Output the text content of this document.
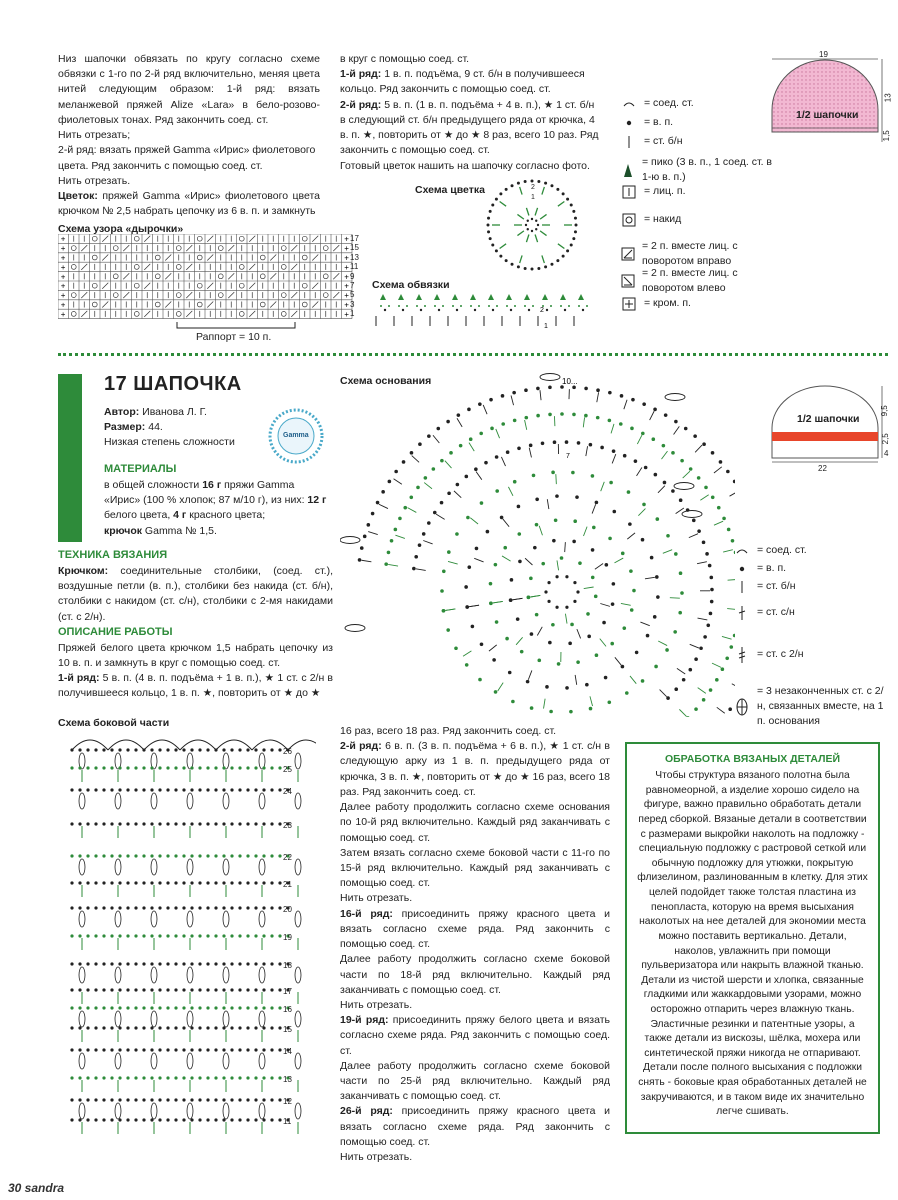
Низ шапочки обвязать по кругу согласно схеме обвязки с 1-го по 2-й ряд включительно, меняя цвета нитей следующим образом: 1-й ряд: вязать меланжевой пряжей Alize «Lara» в бело-розово-фиолетовых тонах. Ряд закончить соед. ст.

Нить отрезать;

2-й ряд: вязать пряжей Gamma «Ирис» фиолетового цвета. Ряд закончить с помощью соед. ст.

Нить отрезать.

Цветок: пряжей Gamma «Ирис» фиолетового цвета крючком № 2,5 набрать цепочку из 6 в. п. и замкнуть

в круг с помощью соед. ст.

1-й ряд: 1 в. п. подъёма, 9 ст. б/н в получившееся кольцо. Ряд закончить с помощью соед. ст.

2-й ряд: 5 в. п. (1 в. п. подъёма + 4 в. п.), ★ 1 ст. б/н в следующий ст. б/н предыдущего ряда от крючка, 4 в. п. ★, повторить от ★ до ★ 8 раз, всего 10 раз. Ряд закончить с помощью соед. ст.

Готовый цветок нашить на шапочку согласно фото.

Схема цветка	2
1
Схема обвязки
2
1
Схема узора «дырочки»
+	+
+	+
+	+
+	+
+	+
+	+
+	+
+	+
+	+
17
15
13
11
9
7
5
3
1
Раппорт = 10 п.
= соед. ст.
= в. п.
= ст. б/н
= пико (3 в. п., 1 соед. ст. в 1-ю в. п.)
= лиц. п.
= накид
= 2 п. вместе лиц. с поворотом вправо
= 2 п. вместе лиц. с поворотом влево
= кром. п.
1/2 шапочки
19
13
1,5
17 ШАПОЧКА

Автор: Иванова Л. Г.

Размер: 44.

Низкая степень сложности

Gamma

МАТЕРИАЛЫ

в общей сложности 16 г пряжи Gamma «Ирис» (100 % хлопок; 87 м/10 г), из них: 12 г белого цвета, 4 г красного цвета;

крючок Gamma № 1,5.

ТЕХНИКА ВЯЗАНИЯ

Крючком: соединительные столбики, (соед. ст.), воздушные петли (в. п.), столбики без накида (ст. б/н), столбики с накидом (ст. с/н), столбики с 2-мя накидами (ст. с 2/н).

ОПИСАНИЕ РАБОТЫ

Пряжей белого цвета крючком 1,5 набрать цепочку из 10 в. п. и замкнуть в круг с помощью соед. ст.

1-й ряд: 5 в. п. (4 в. п. подъёма + 1 в. п.), ★ 1 ст. с 2/н в получившееся кольцо, 1 в. п. ★, повторить от ★ до ★

Схема основания	10...
7
= соед. ст.
= в. п.
= ст. б/н
= ст. с/н
= ст. с 2/н
= 3 незаконченных ст. с 2/н, связанных вместе, на 1 п. основания
1/2 шапочки
22
9,5
2,5
4
Схема боковой части
26
25
24
23
22
21
20
19
18
17
16
15
14
13
12
11

16 раз, всего 18 раз. Ряд закончить соед. ст.

2-й ряд: 6 в. п. (3 в. п. подъёма + 6 в. п.), ★ 1 ст. с/н в следующую арку из 1 в. п. предыдущего ряда от крючка, 3 в. п. ★, повторить от ★ до ★ 16 раз, всего 18 раз. Ряд закончить соед. ст.

Далее работу продолжить согласно схеме основания по 10-й ряд включительно. Каждый ряд заканчивать с помощью соед. ст.

Затем вязать согласно схеме боковой части с 11-го по 15-й ряд включительно. Каждый ряд заканчивать с помощью соед. ст.

Нить отрезать.

16-й ряд: присоединить пряжу красного цвета и вязать согласно схеме ряда. Ряд закончить с помощью соед. ст.

Далее работу продолжить согласно схеме боковой части по 18-й ряд включительно. Каждый ряд заканчивать с помощью соед. ст.

Нить отрезать.

19-й ряд: присоединить пряжу белого цвета и вязать согласно схеме ряда. Ряд закончить с помощью соед. ст.

Далее работу продолжить согласно схеме боковой части по 25-й ряд включительно. Каждый ряд заканчивать с помощью соед. ст.

26-й ряд: присоединить пряжу красного цвета и вязать согласно схеме ряда. Ряд закончить с помощью соед. ст.

Нить отрезать.

ОБРАБОТКА ВЯЗАНЫХ ДЕТАЛЕЙ
Чтобы структура вязаного полотна была равномеорной, а изделие хорошо сидело на фигуре, важно правильно обработать детали перед сборкой. Вязаные детали в соответствии с размерами выкройки наколоть на подложку - специальную подложку с растровой сеткой или обычную подложку для утюжки, покрытую флизелином, разлинованным в клетку. Для этих целей подойдет также толстая пластина из пенопласта, которую на время высыхания наколотых на нее деталей для экономии места можно поставить вертикально. Детали, наколов, увлажнить при помощи пульверизатора или накрыть влажной тканью. Детали из чистой шерсти и хлопка, связанные гладкими или жаккардовыми узорами, можно осторожно отпарить через влажную ткань. Эластичные резинки и патентные узоры, а также детали из вискозы, шёлка, мохера или синтетической пряжи никогда не отпаривают. Детали после полного высыхания с подложки снять - боковые края обработанных деталей не закручиваются, и в таком виде их значительно легче сшивать.
30 sandra
